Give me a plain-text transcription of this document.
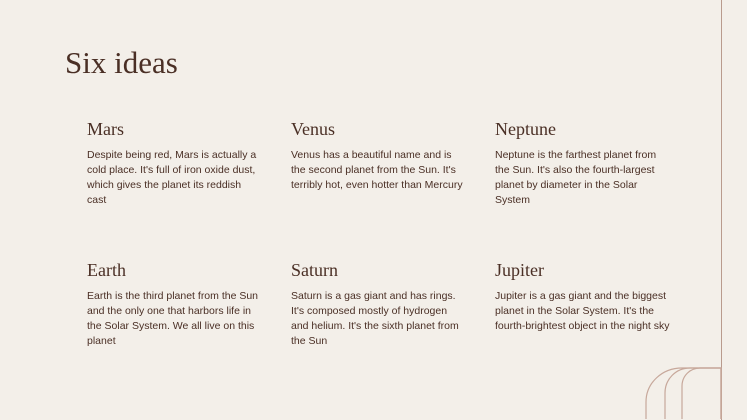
Six ideas
Mars

Despite being red, Mars is actually a cold place. It's full of iron oxide dust, which gives the planet its reddish cast

Venus

Venus has a beautiful name and is the second planet from the Sun. It's terribly hot, even hotter than Mercury

Neptune

Neptune is the farthest planet from the Sun. It's also the fourth-largest planet by diameter in the Solar System

Earth

Earth is the third planet from the Sun and the only one that harbors life in the Solar System. We all live on this planet

Saturn

Saturn is a gas giant and has rings. It's composed mostly of hydrogen and helium. It's the sixth planet from the Sun

Jupiter

Jupiter is a gas giant and the biggest planet in the Solar System. It's the fourth-brightest object in the night sky
